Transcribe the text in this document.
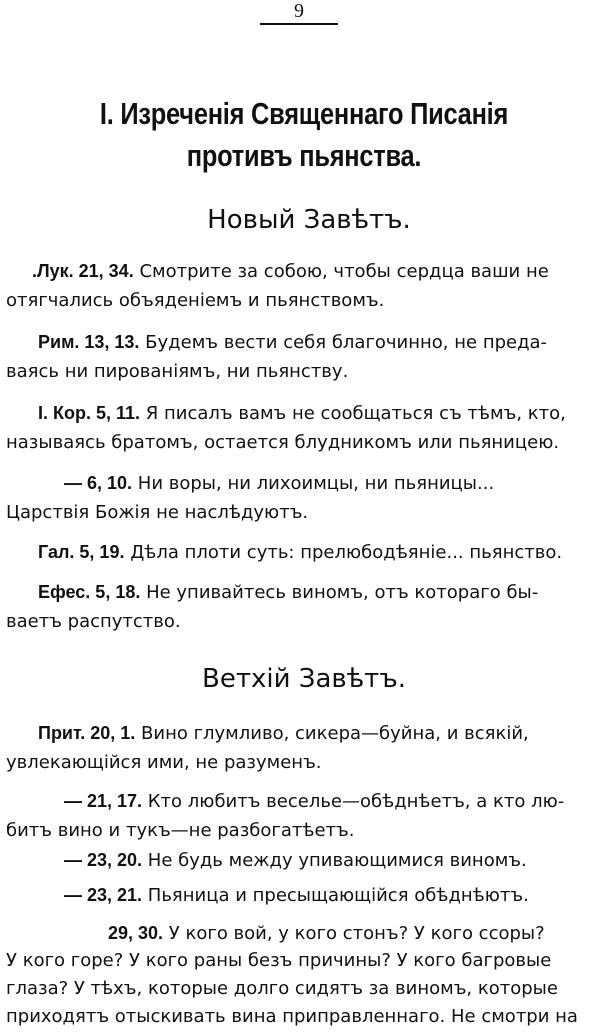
9
I. Изреченія Священнаго Писанія
противъ пьянства.
Новый Завѣтъ.
.Лук. 21, 34. Смотрите за собою, чтобы сердца ваши не
отягчались объяденіемъ и пьянствомъ.
Рим. 13, 13. Будемъ вести себя благочинно, не преда-
ваясь ни пированіямъ, ни пьянству.
I. Кор. 5, 11. Я писалъ вамъ не сообщаться съ тѣмъ, кто,
называясь братомъ, остается блудникомъ или пьяницею.
— 6, 10. Ни воры, ни лихоимцы, ни пьяницы...
Царствія Божія не наслѣдуютъ.
Гал. 5, 19. Дѣла плоти суть: прелюбодѣяніе... пьянство.
Ефес. 5, 18. Не упивайтесь виномъ, отъ котораго бы-
ваетъ распутство.
Ветхій Завѣтъ.
Прит. 20, 1. Вино глумливо, сикера—буйна, и всякій,
увлекающійся ими, не разуменъ.
— 21, 17. Кто любитъ веселье—обѣднѣетъ, а кто лю-
битъ вино и тукъ—не разбогатѣетъ.
— 23, 20. Не будь между упивающимися виномъ.
— 23, 21. Пьяница и пресыщающійся обѣднѣютъ.
29, 30. У кого вой, у кого стонъ? У кого ссоры?
У кого горе? У кого раны безъ причины? У кого багровые
глаза? У тѣхъ, которые долго сидятъ за виномъ, которые
приходятъ отыскивать вина приправленнаго. Не смотри на
